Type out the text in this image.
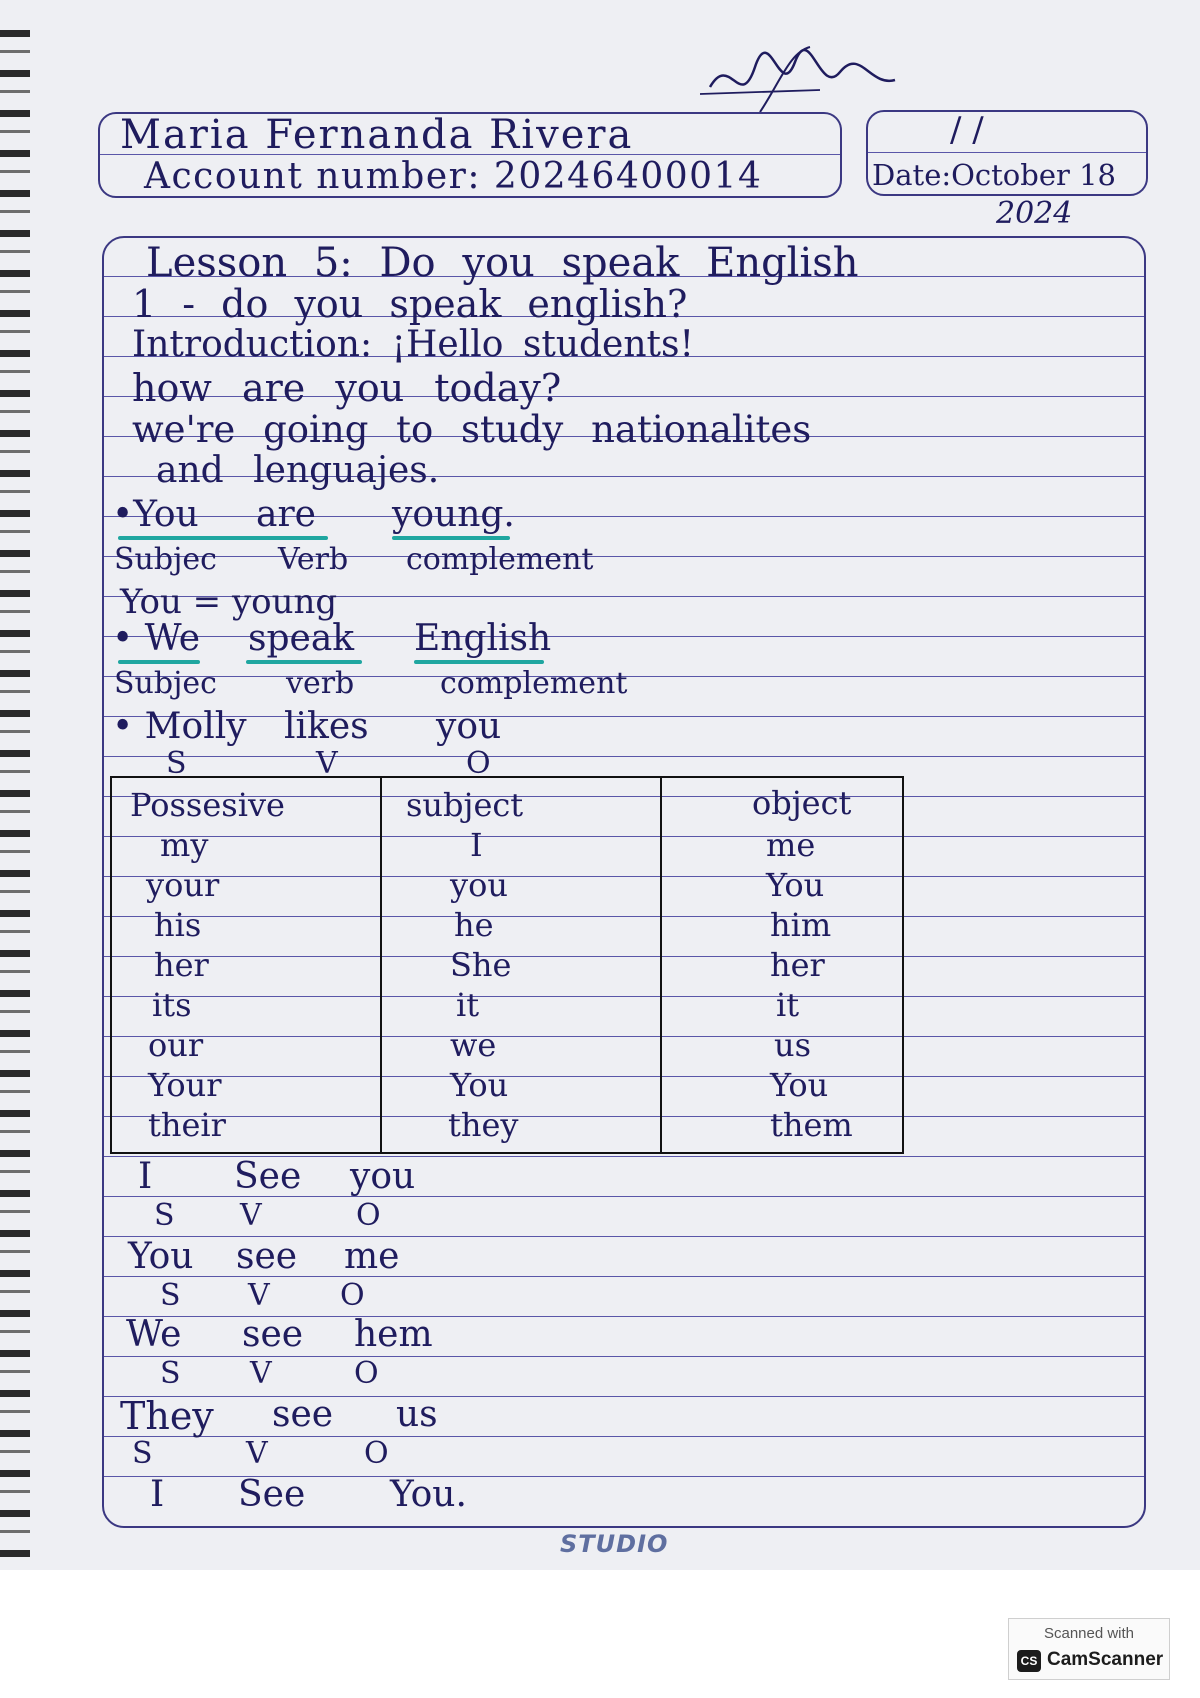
Maria Fernanda Rivera
Account number: 20246400014
/ /
Date:October 18
2024
Lesson 5: Do you speak English
1 - do you speak english?
Introduction: ¡Hello students!
how are you today?
we're going to study nationalites
and lenguajes.
•You are young.
Subjec Verb complement
You = young
• We speak English
Subjec verb	complement
• Molly likes you
S	V	O
Possesive	subject	object
my	I	me
your	you	You
his	he	him
her	She	her
its	it	it
our	we	us
Your	You	You
their	they	them
I See you
S V	O
You see me
S V O
We see hem
S V	O
They see us
S	V	O
I See You.
STUDIO
Scanned with
CS CamScanner
